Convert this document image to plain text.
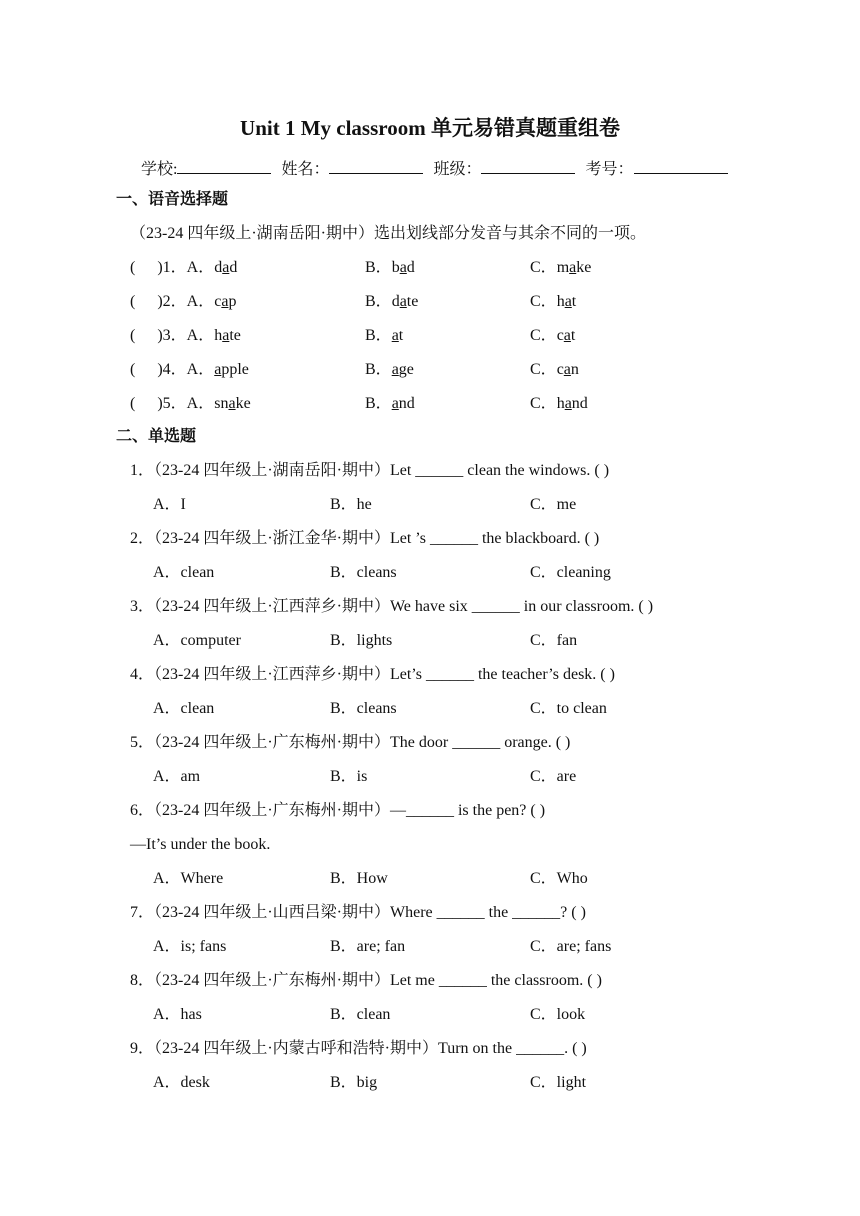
Unit 1 My classroom 单元易错真题重组卷
学校:	姓名：	班级：	考号：
一、语音选择题
（23-24 四年级上·湖南岳阳·期中）选出划线部分发音与其余不同的一项。
( )1．A．dad	B．bad	C．make
( )2．A．cap	B．date	C．hat
( )3．A．hate	B．at	C．cat
( )4．A．apple	B．age	C．can
( )5．A．snake	B．and	C．hand
二、单选题
1．（23-24 四年级上·湖南岳阳·期中）Let ______ clean the windows. ( )
A．I	B．he	C．me
2．（23-24 四年级上·浙江金华·期中）Let ’s ______ the blackboard. ( )
A．clean	B．cleans	C．cleaning
3．（23-24 四年级上·江西萍乡·期中）We have six ______ in our classroom. ( )
A．computer	B．lights	C．fan
4．（23-24 四年级上·江西萍乡·期中）Let’s ______ the teacher’s desk. ( )
A．clean	B．cleans	C．to clean
5．（23-24 四年级上·广东梅州·期中）The door ______ orange. ( )
A．am	B．is	C．are
6．（23-24 四年级上·广东梅州·期中）—______ is the pen? ( )
—It’s under the book.
A．Where	B．How	C．Who
7．（23-24 四年级上·山西吕梁·期中）Where ______ the ______? ( )
A．is; fans	B．are; fan	C．are; fans
8．（23-24 四年级上·广东梅州·期中）Let me ______ the classroom. ( )
A．has	B．clean	C．look
9．（23-24 四年级上·内蒙古呼和浩特·期中）Turn on the ______. ( )
A．desk	B．big	C．light
